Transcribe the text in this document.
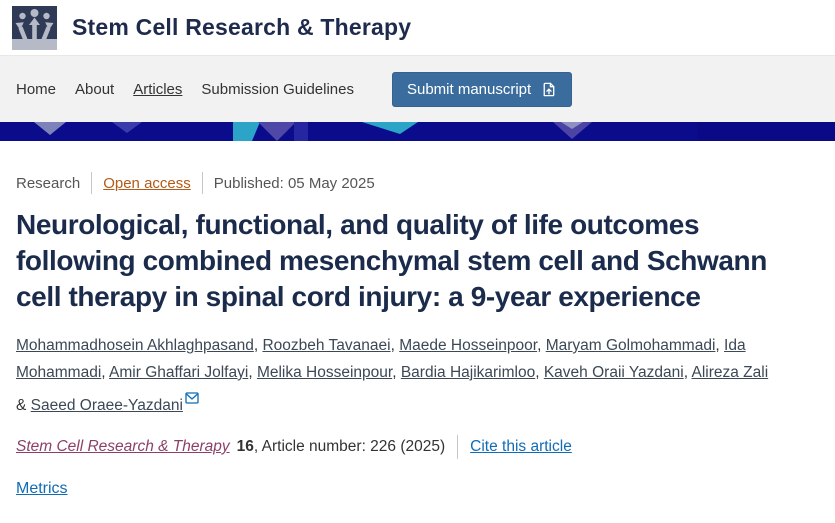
Stem Cell Research & Therapy
Home About Articles Submission Guidelines	Submit manuscript
Research Open access Published: 05 May 2025
Neurological, functional, and quality of life outcomes following combined mesenchymal stem cell and Schwann cell therapy in spinal cord injury: a 9-year experience

Mohammadhosein Akhlaghpasand, Roozbeh Tavanaei, Maede Hosseinpoor, Maryam Golmohammadi, Ida Mohammadi, Amir Ghaffari Jolfayi, Melika Hosseinpour, Bardia Hajikarimloo, Kaveh Oraii Yazdani, Alireza Zali & Saeed Oraee-Yazdani

Stem Cell Research & Therapy 16 , Article number: 226 (2025) Cite this article
Metrics
